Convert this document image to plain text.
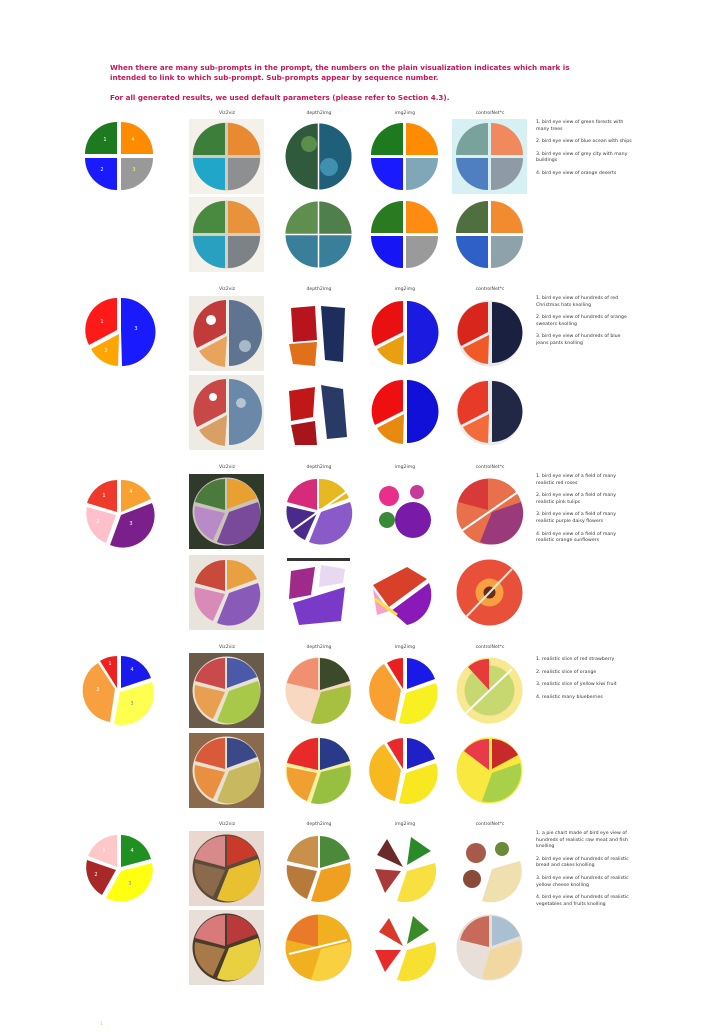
When there are many sub-prompts in the prompt, the numbers on the plain visualization indicates which mark is intended to link to which sub-prompt. Sub-prompts appear by sequence number.
For all generated results, we used default parameters (please refer to Section 4.3).
Viz2viz	depth2img	img2img	controlNet*c
Viz2viz	depth2img	img2img	controlNet*c
Viz2viz	depth2img	img2img	controlNet*c
Viz2viz	depth2img	img2img	controlNet*c
Viz2viz	depth2img	img2img	controlNet*c
1
2	3
4

1. bird eye view of green forests with many trees

2. bird eye view of blue ocean with ships

3. bird eye view of grey city with many buildings

4. bird eye view of orange deserts

1
2
3

1. bird eye view of hundreds of red Christmas hats knolling

2. bird eye view of hundreds of orange sweaters knolling

3. bird eye view of hundreds of blue jeans pants knolling

1
2	3
4

1. bird eye view of a field of many realistic red roses

2. bird eye view of a field of many realistic pink tulips

3. bird eye view of a field of many realistic purple daisy flowers

4. bird eye view of a field of many realistic orange sunflowers

1
2
3
4

1. realistic slice of red strawberry

2. realistic slice of orange

3. realistic slice of yellow kiwi fruit

4. realistic many blueberries

1
2
3
4

1. a pie chart made of bird eye view of hundreds of realistic raw meat and fish knolling

2. bird eye view of hundreds of realistic bread and cakes knolling

3. bird eye view of hundreds of realistic yellow cheese knolling

4. bird eye view of hundreds of realistic vegetables and fruits knolling

1
